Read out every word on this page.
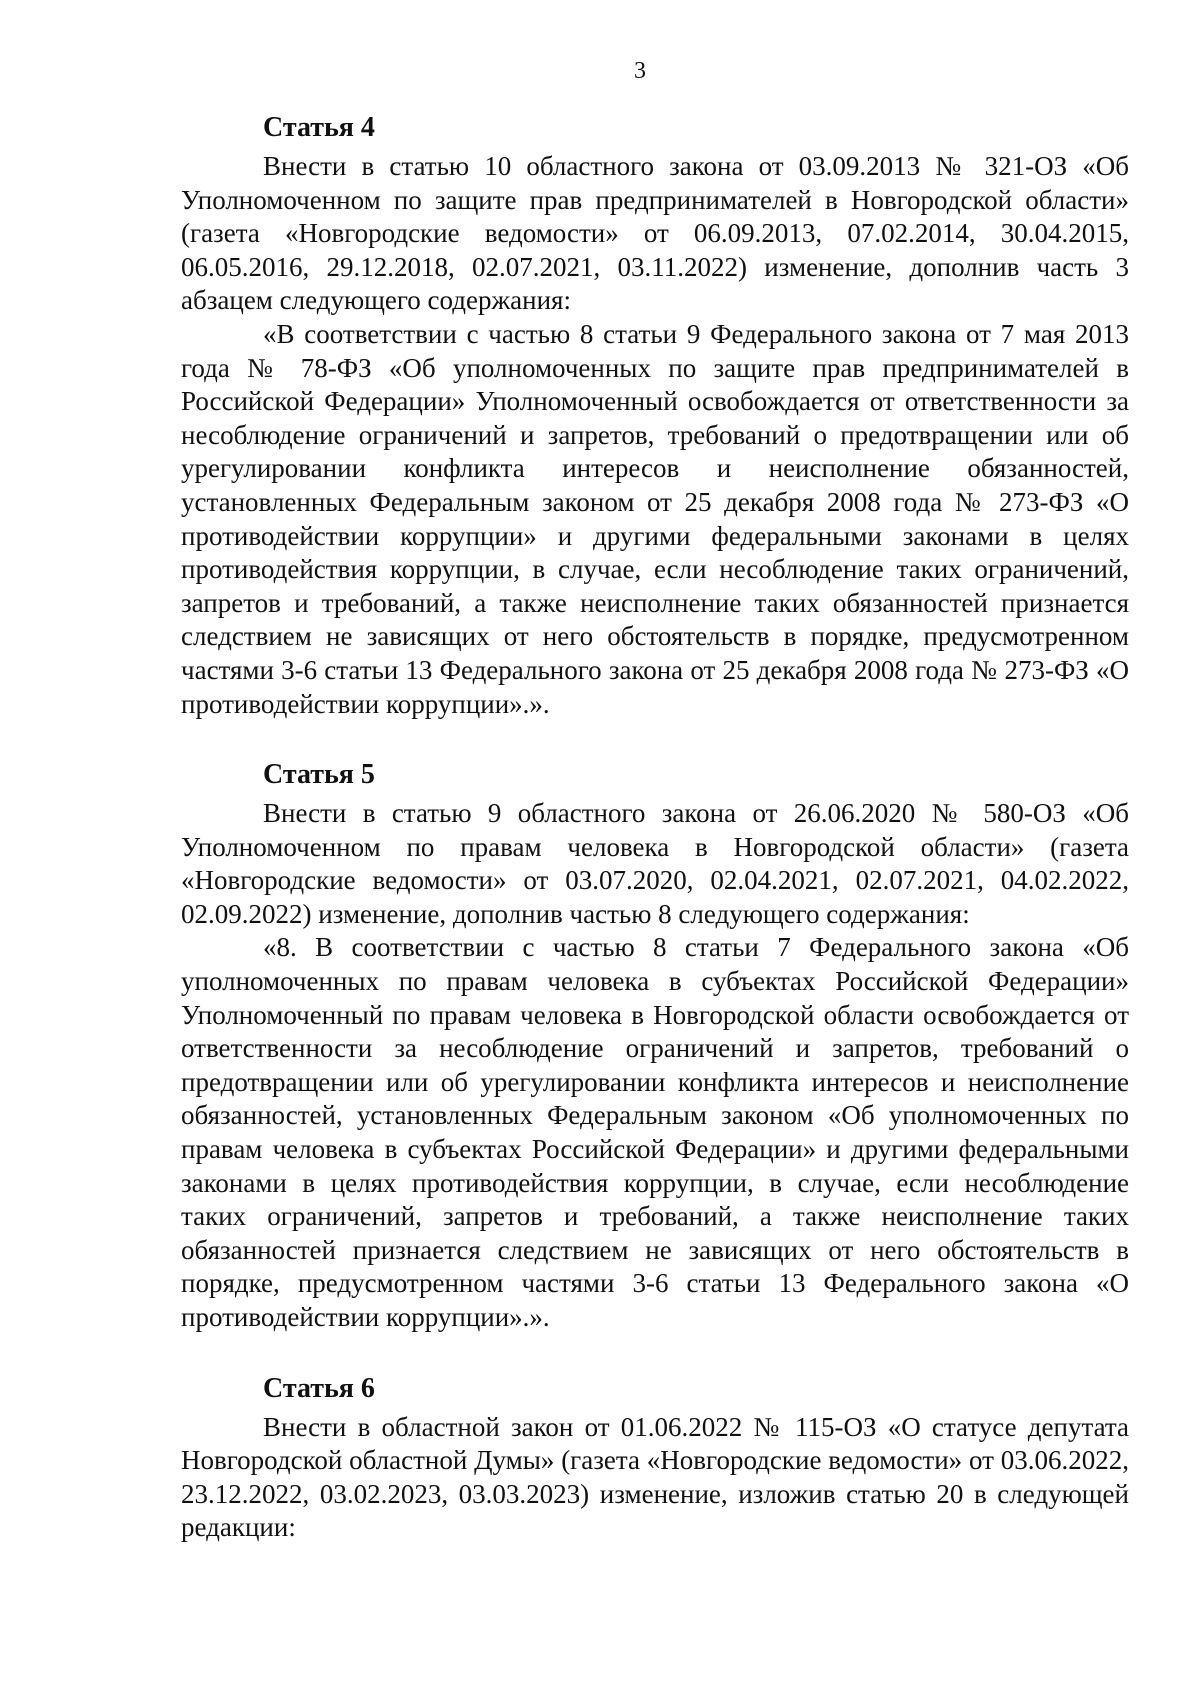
3
Статья 4

Внести в статью 10 областного закона от 03.09.2013 № 321-ОЗ «Об Уполномоченном по защите прав предпринимателей в Новгородской области» (газета «Новгородские ведомости» от 06.09.2013, 07.02.2014, 30.04.2015, 06.05.2016, 29.12.2018, 02.07.2021, 03.11.2022) изменение, дополнив часть 3 абзацем следующего содержания:

«В соответствии с частью 8 статьи 9 Федерального закона от 7 мая 2013 года № 78-ФЗ «Об уполномоченных по защите прав предпринимателей в Российской Федерации» Уполномоченный освобождается от ответственности за несоблюдение ограничений и запретов, требований о предотвращении или об урегулировании конфликта интересов и неисполнение обязанностей, установленных Федеральным законом от 25 декабря 2008 года № 273-ФЗ «О противодействии коррупции» и другими федеральными законами в целях противодействия коррупции, в случае, если несоблюдение таких ограничений, запретов и требований, а также неисполнение таких обязанностей признается следствием не зависящих от него обстоятельств в порядке, предусмотренном частями 3-6 статьи 13 Федерального закона от 25 декабря 2008 года № 273-ФЗ «О противодействии коррупции».».

Статья 5

Внести в статью 9 областного закона от 26.06.2020 № 580-ОЗ «Об Уполномоченном по правам человека в Новгородской области» (газета «Новгородские ведомости» от 03.07.2020, 02.04.2021, 02.07.2021, 04.02.2022, 02.09.2022) изменение, дополнив частью 8 следующего содержания:

«8. В соответствии с частью 8 статьи 7 Федерального закона «Об уполномоченных по правам человека в субъектах Российской Федерации» Уполномоченный по правам человека в Новгородской области освобождается от ответственности за несоблюдение ограничений и запретов, требований о предотвращении или об урегулировании конфликта интересов и неисполнение обязанностей, установленных Федеральным законом «Об уполномоченных по правам человека в субъектах Российской Федерации» и другими федеральными законами в целях противодействия коррупции, в случае, если несоблюдение таких ограничений, запретов и требований, а также неисполнение таких обязанностей признается следствием не зависящих от него обстоятельств в порядке, предусмотренном частями 3-6 статьи 13 Федерального закона «О противодействии коррупции».».

Статья 6

Внести в областной закон от 01.06.2022 № 115-ОЗ «О статусе депутата Новгородской областной Думы» (газета «Новгородские ведомости» от 03.06.2022, 23.12.2022, 03.02.2023, 03.03.2023) изменение, изложив статью 20 в следующей редакции:
